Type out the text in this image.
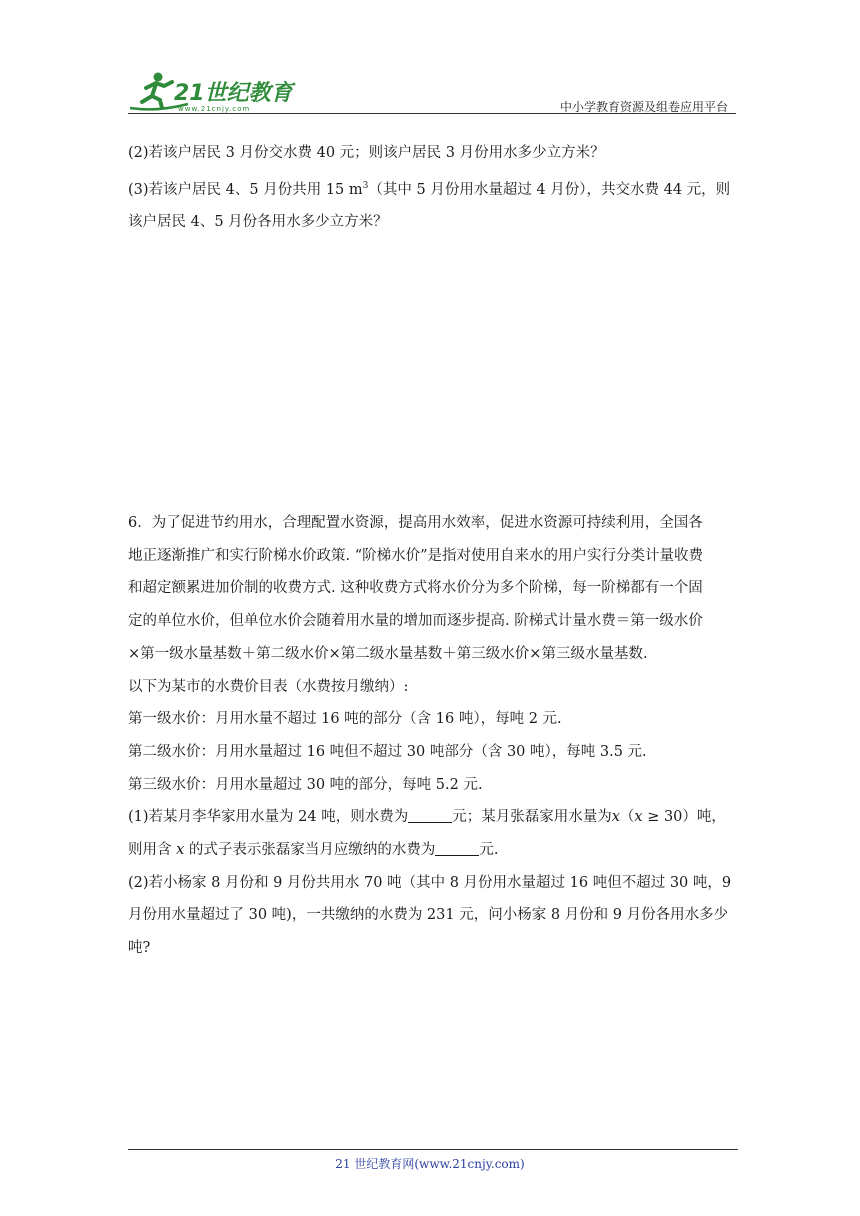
21世纪教育
www.21cnjy.com	中小学教育资源及组卷应用平台

(2)若该户居民 3 月份交水费 40 元；则该户居民 3 月份用水多少立方米？

(3)若该户居民 4、5 月份共用 15 $m^3$（其中 5 月份用水量超过 4 月份），共交水费 44 元，则

该户居民 4、5 月份各用水多少立方米？

6．为了促进节约用水，合理配置水资源，提高用水效率，促进水资源可持续利用，全国各

地正逐渐推广和实行阶梯水价政策. “阶梯水价”是指对使用自来水的用户实行分类计量收费

和超定额累进加价制的收费方式. 这种收费方式将水价分为多个阶梯，每一阶梯都有一个固

定的单位水价，但单位水价会随着用水量的增加而逐步提高. 阶梯式计量水费＝第一级水价

×第一级水量基数＋第二级水价×第二级水量基数＋第三级水价×第三级水量基数.

以下为某市的水费价目表（水费按月缴纳）:

第一级水价：月用水量不超过 16 吨的部分（含 16 吨），每吨 2 元.

第二级水价：月用水量超过 16 吨但不超过 30 吨部分（含 30 吨），每吨 3.5 元.

第三级水价：月用水量超过 30 吨的部分，每吨 5.2 元.

(1)若某月李华家用水量为 24 吨，则水费为	元；某月张磊家用水量为x（x ≥ 30）吨，

则用含 x 的式子表示张磊家当月应缴纳的水费为	元.

(2)若小杨家 8 月份和 9 月份共用水 70 吨（其中 8 月份用水量超过 16 吨但不超过 30 吨，9

月份用水量超过了 30 吨)，一共缴纳的水费为 231 元，问小杨家 8 月份和 9 月份各用水多少

吨?

21 世纪教育网(www.21cnjy.com)
